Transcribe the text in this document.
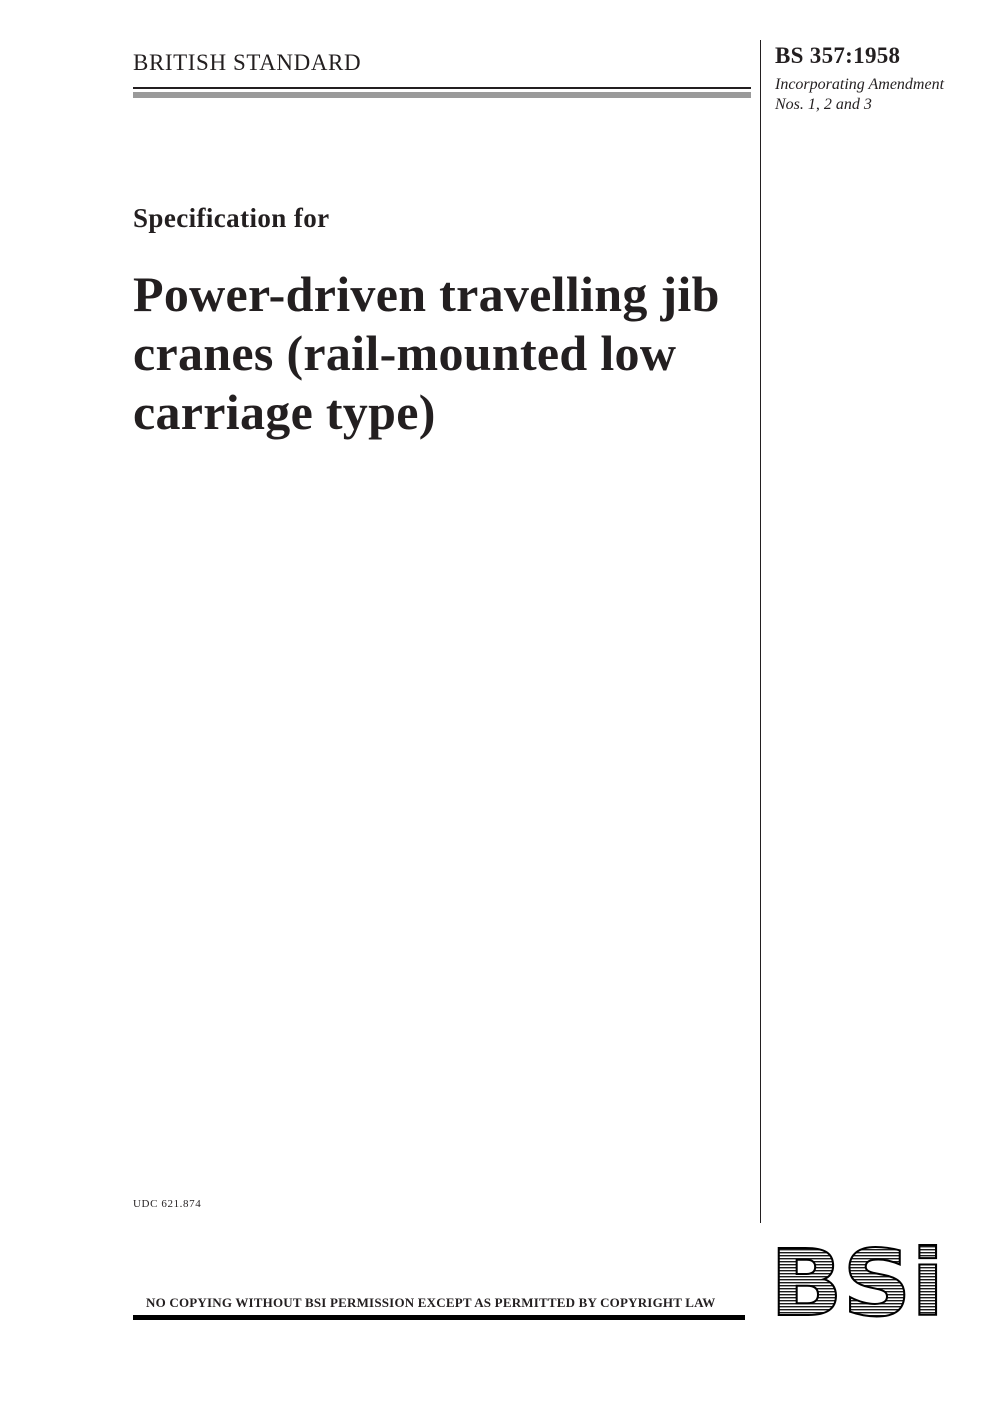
BRITISH STANDARD	BS 357:1958
Incorporating Amendment Nos. 1, 2 and 3
Specification for
Power-driven travelling jib cranes (rail-mounted low carriage type)
UDC 621.874
NO COPYING WITHOUT BSI PERMISSION EXCEPT AS PERMITTED BY COPYRIGHT LAW BSi
